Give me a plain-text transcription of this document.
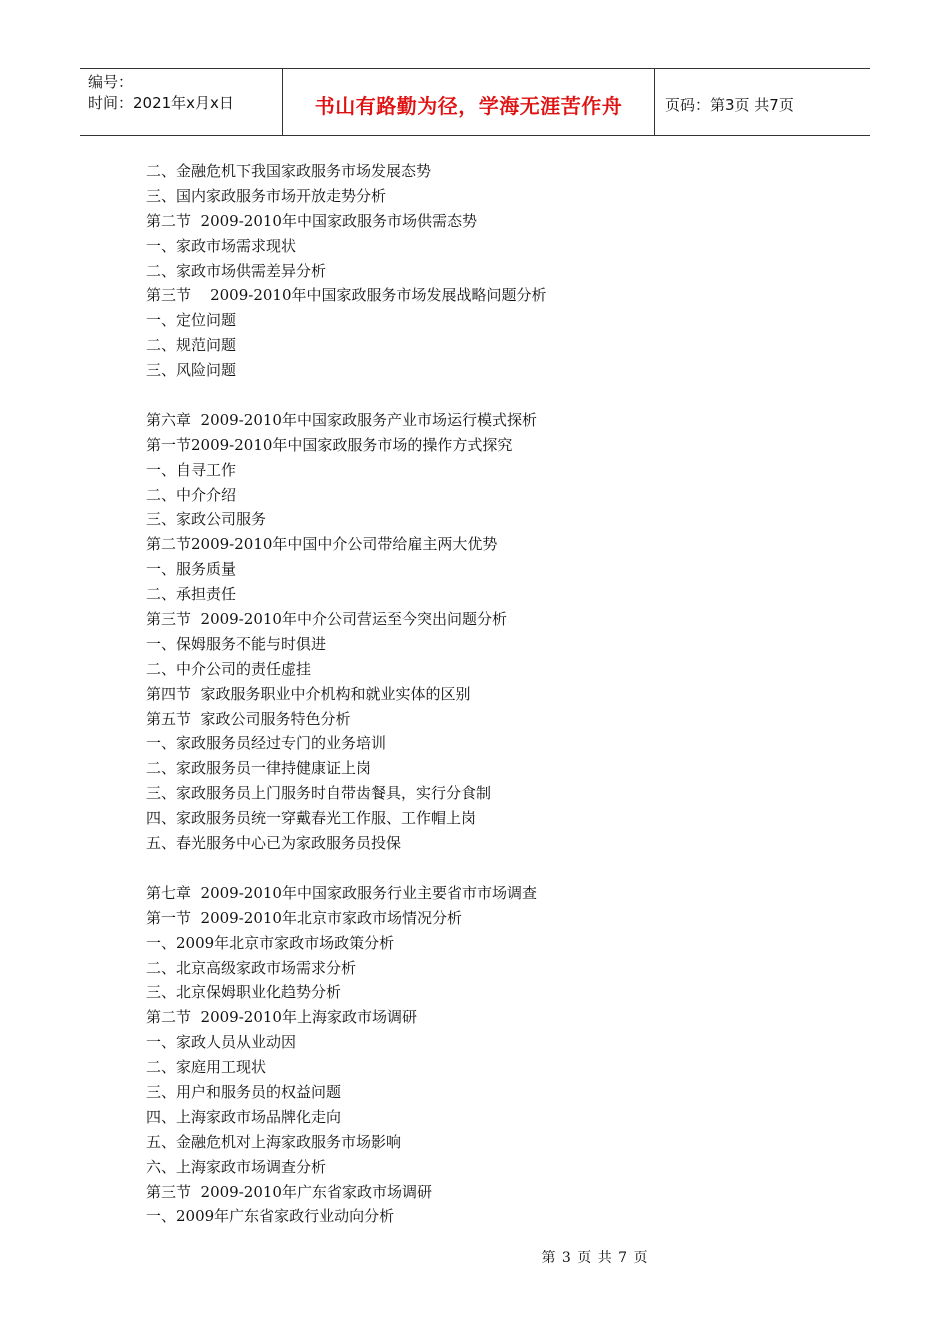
编号：
时间：2021年x月x日	书山有路勤为径，学海无涯苦作舟	页码：第3页 共7页
二、金融危机下我国家政服务市场发展态势
三、国内家政服务市场开放走势分析
第二节  2009-2010年中国家政服务市场供需态势
一、家政市场需求现状
二、家政市场供需差异分析
第三节    2009-2010年中国家政服务市场发展战略问题分析
一、定位问题
二、规范问题
三、风险问题
第六章  2009-2010年中国家政服务产业市场运行模式探析
第一节2009-2010年中国家政服务市场的操作方式探究
一、自寻工作
二、中介介绍
三、家政公司服务
第二节2009-2010年中国中介公司带给雇主两大优势
一、服务质量
二、承担责任
第三节  2009-2010年中介公司营运至今突出问题分析
一、保姆服务不能与时俱进
二、中介公司的责任虚挂
第四节  家政服务职业中介机构和就业实体的区别
第五节  家政公司服务特色分析
一、家政服务员经过专门的业务培训
二、家政服务员一律持健康证上岗
三、家政服务员上门服务时自带齿餐具，实行分食制
四、家政服务员统一穿戴春光工作服、工作帽上岗
五、春光服务中心已为家政服务员投保
第七章  2009-2010年中国家政服务行业主要省市市场调查
第一节  2009-2010年北京市家政市场情况分析
一、2009年北京市家政市场政策分析
二、北京高级家政市场需求分析
三、北京保姆职业化趋势分析
第二节  2009-2010年上海家政市场调研
一、家政人员从业动因
二、家庭用工现状
三、用户和服务员的权益问题
四、上海家政市场品牌化走向
五、金融危机对上海家政服务市场影响
六、上海家政市场调查分析
第三节  2009-2010年广东省家政市场调研
一、2009年广东省家政行业动向分析
第 3 页 共 7 页
